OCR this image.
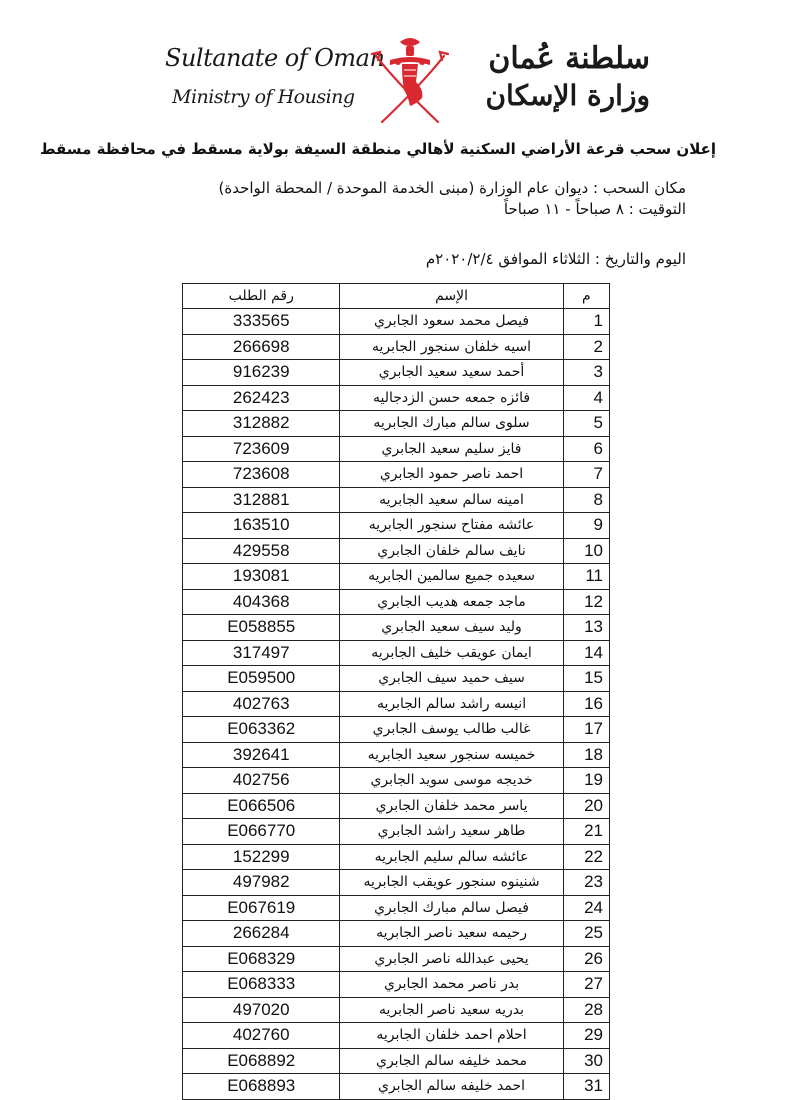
Sultanate of Oman
Ministry of Housing
سلطنة عُمان
وزارة الإسكان
إعلان سحب قرعة الأراضي السكنية لأهالي منطقة السيفة بولاية مسقط في محافظة مسقط
مكان السحب : ديوان عام الوزارة (مبنى الخدمة الموحدة / المحطة الواحدة)
التوقيت : ٨ صباحاً - ١١ صباحاً
اليوم والتاريخ : الثلاثاء الموافق ٢٠٢٠/٢/٤م
رقم الطلب	الإسم	م
333565	فيصل محمد سعود الجابري	1
266698	اسيه خلفان سنجور الجابريه	2
916239	أحمد سعيد سعيد الجابري	3
262423	فائزه جمعه حسن الزدجاليه	4
312882	سلوى سالم مبارك الجابريه	5
723609	فايز سليم سعيد الجابري	6
723608	احمد ناصر حمود الجابري	7
312881	امينه سالم سعيد الجابريه	8
163510	عائشه مفتاح سنجور الجابريه	9
429558	نايف سالم خلفان الجابري	10
193081	سعيده جميع سالمين الجابريه	11
404368	ماجد جمعه هديب الجابري	12
E058855	وليد سيف سعيد الجابري	13
317497	ايمان عويقب خليف الجابريه	14
E059500	سيف حميد سيف الجابري	15
402763	انيسه راشد سالم الجابريه	16
E063362	غالب طالب يوسف الجابري	17
392641	خميسه سنجور سعيد الجابريه	18
402756	خديجه موسى سويد الجابري	19
E066506	ياسر محمد خلفان الجابري	20
E066770	طاهر سعيد راشد الجابري	21
152299	عائشه سالم سليم الجابريه	22
497982	شنينوه سنجور عويقب الجابريه	23
E067619	فيصل سالم مبارك الجابري	24
266284	رحيمه سعيد ناصر الجابريه	25
E068329	يحيى عبدالله ناصر الجابري	26
E068333	بدر ناصر محمد الجابري	27
497020	بدريه سعيد ناصر الجابريه	28
402760	احلام احمد خلفان الجابريه	29
E068892	محمد خليفه سالم الجابري	30
E068893	احمد خليفه سالم الجابري	31
